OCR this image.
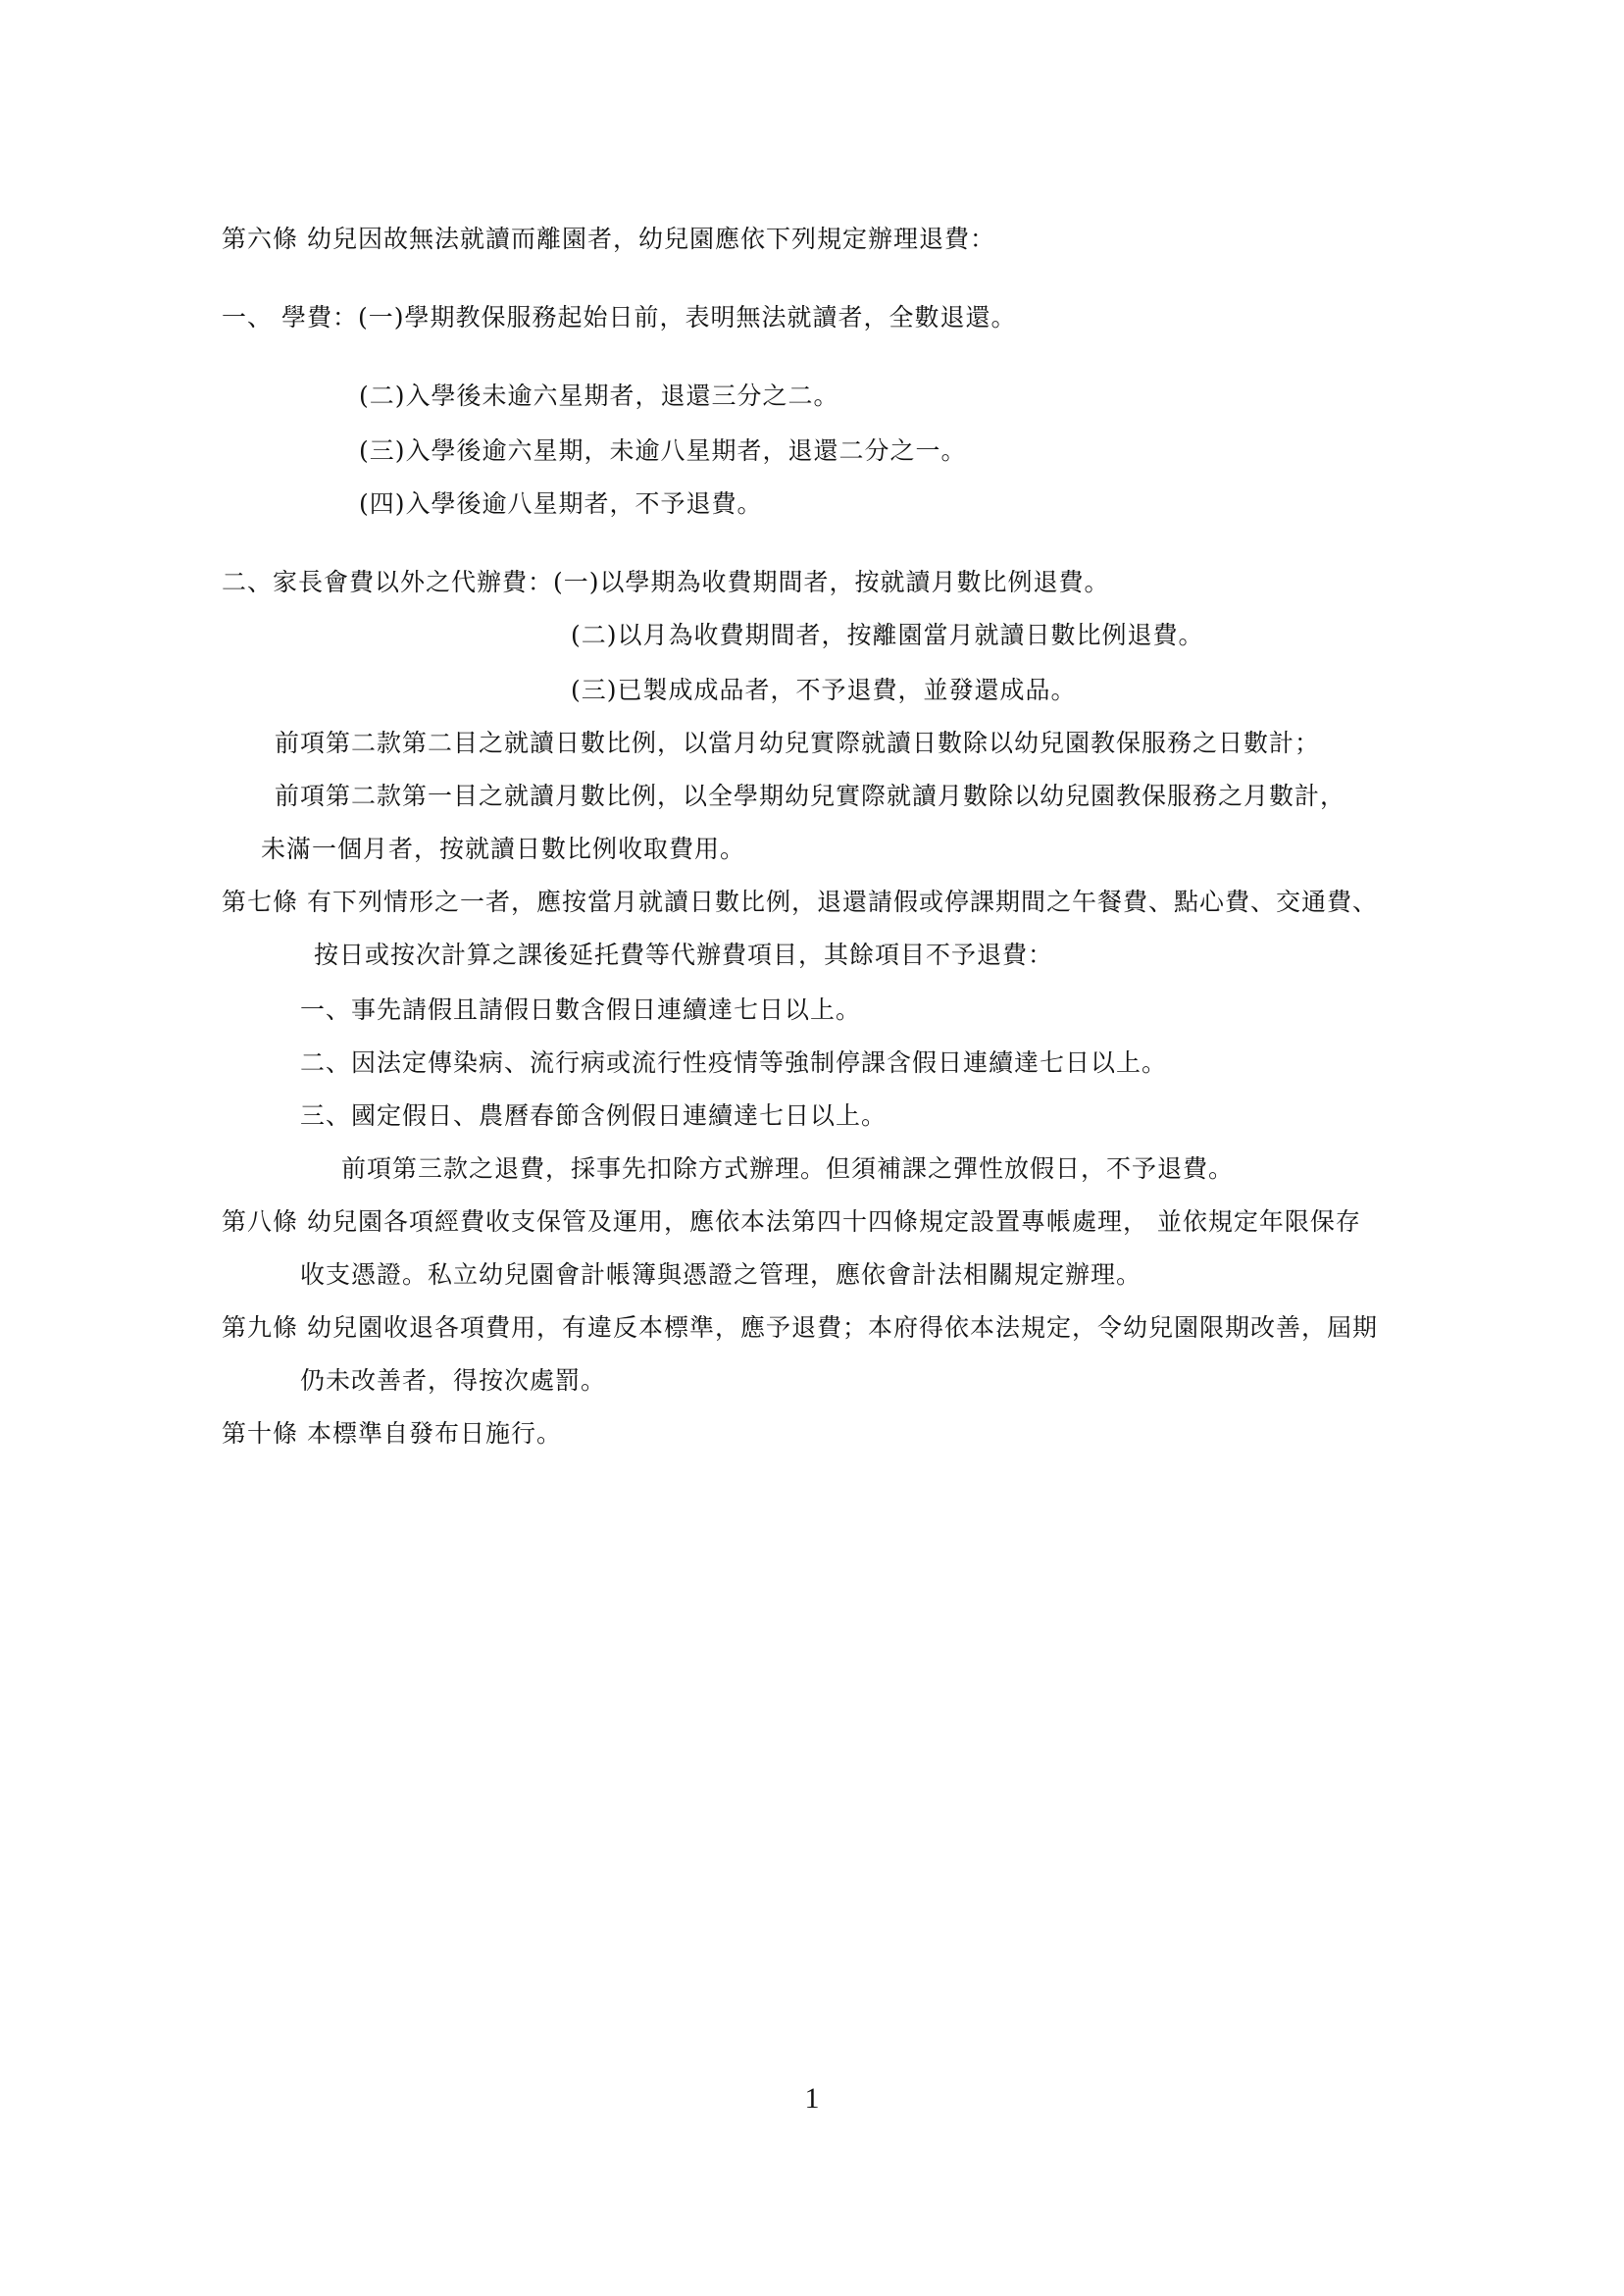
第六條 幼兒因故無法就讀而離園者，幼兒園應依下列規定辦理退費：
一、 學費：(一)學期教保服務起始日前，表明無法就讀者，全數退還。
(二)入學後未逾六星期者，退還三分之二。
(三)入學後逾六星期，未逾八星期者，退還二分之一。
(四)入學後逾八星期者，不予退費。
二、家長會費以外之代辦費：(一)以學期為收費期間者，按就讀月數比例退費。
(二)以月為收費期間者，按離園當月就讀日數比例退費。
(三)已製成成品者，不予退費，並發還成品。
前項第二款第二目之就讀日數比例，以當月幼兒實際就讀日數除以幼兒園教保服務之日數計；
前項第二款第一目之就讀月數比例，以全學期幼兒實際就讀月數除以幼兒園教保服務之月數計，
未滿一個月者，按就讀日數比例收取費用。
第七條 有下列情形之一者，應按當月就讀日數比例，退還請假或停課期間之午餐費、點心費、交通費、
按日或按次計算之課後延托費等代辦費項目，其餘項目不予退費：
一、事先請假且請假日數含假日連續達七日以上。
二、因法定傳染病、流行病或流行性疫情等強制停課含假日連續達七日以上。
三、國定假日、農曆春節含例假日連續達七日以上。
前項第三款之退費，採事先扣除方式辦理。但須補課之彈性放假日，不予退費。
第八條 幼兒園各項經費收支保管及運用，應依本法第四十四條規定設置專帳處理， 並依規定年限保存
收支憑證。私立幼兒園會計帳簿與憑證之管理，應依會計法相關規定辦理。
第九條 幼兒園收退各項費用，有違反本標準，應予退費；本府得依本法規定，令幼兒園限期改善，屆期
仍未改善者，得按次處罰。
第十條 本標準自發布日施行。
1
